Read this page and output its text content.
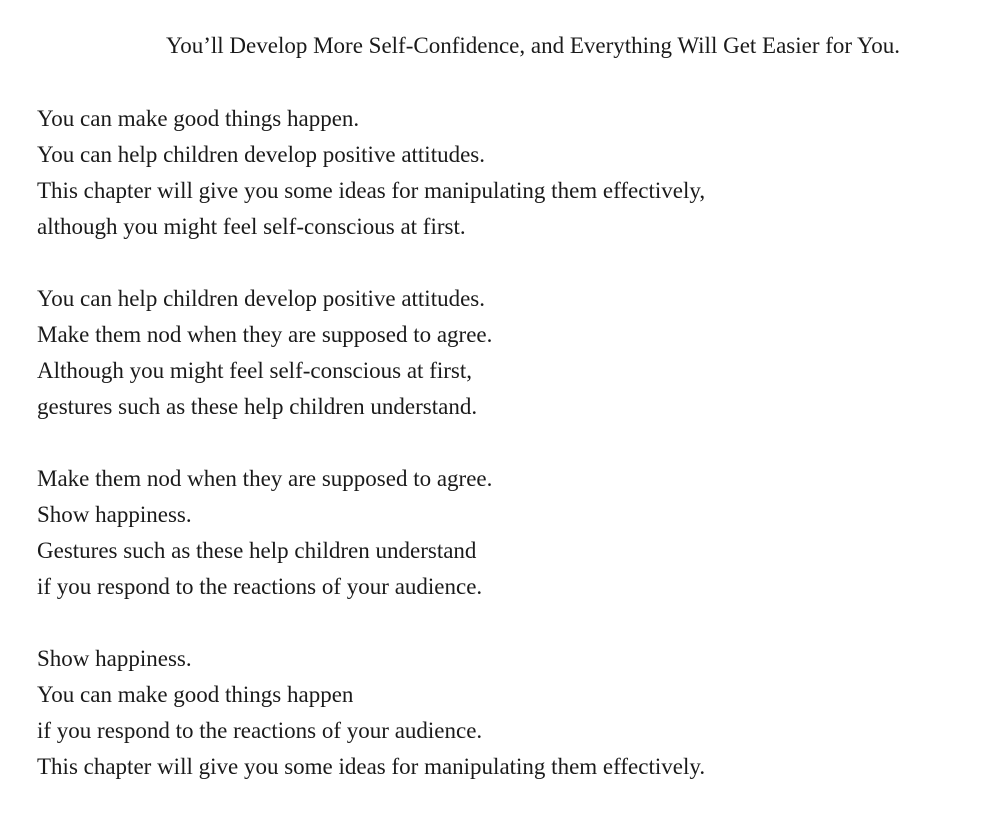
You’ll Develop More Self-Confidence, and Everything Will Get Easier for You.
You can make good things happen.
You can help children develop positive attitudes.
This chapter will give you some ideas for manipulating them effectively,
although you might feel self-conscious at first.
You can help children develop positive attitudes.
Make them nod when they are supposed to agree.
Although you might feel self-conscious at first,
gestures such as these help children understand.
Make them nod when they are supposed to agree.
Show happiness.
Gestures such as these help children understand
if you respond to the reactions of your audience.
Show happiness.
You can make good things happen
if you respond to the reactions of your audience.
This chapter will give you some ideas for manipulating them effectively.
